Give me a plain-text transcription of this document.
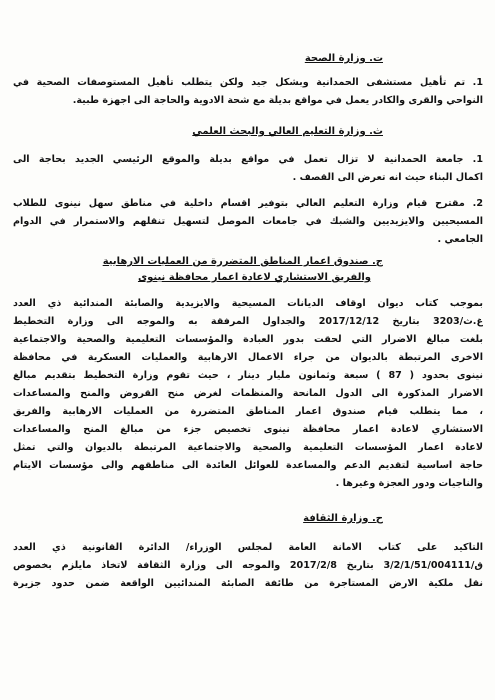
ت. وزارة الصحة
1. تم تأهيل مستشفى الحمدانية وبشكل جيد ولكن يتطلب تأهيل المستوصفات الصحية في
النواحي والقرى والكادر يعمل في مواقع بديلة مع شحة الادوية والحاجة الى اجهزة طبية.
ث. وزارة التعليم العالي والبحث العلمي
1. جامعة الحمدانية لا تزال تعمل في مواقع بديلة والموقع الرئيسي الجديد بحاجة الى
اكمال البناء حيث انه تعرض الى القصف .
2. مقترح قيام وزارة التعليم العالي بتوفير اقسام داخلية في مناطق سهل نينوى للطلاب
المسيحيين والايزيديين والشبك في جامعات الموصل لتسهيل تنقلهم والاستمرار في الدوام
الجامعي .
ج. صندوق اعمار المناطق المتضررة من العمليات الارهابية
والفريق الاستشاري لاعادة اعمار محافظة نينوى
بموجب كتاب ديوان اوقاف الديانات المسيحية والايزيدية والصابئة المندائية ذي العدد
غ.ث/3203 بتاريخ 2017/12/12 والجداول المرفقة به والموجه الى وزارة التخطيط
بلغت مبالغ الاضرار التي لحقت بدور العبادة والمؤسسات التعليمية والصحية والاجتماعية
الاخرى المرتبطة بالديوان من جراء الاعمال الارهابية والعمليات العسكرية في محافظة
نينوى بحدود ( 87 ) سبعة وثمانون مليار دينار ، حيث تقوم وزارة التخطيط بتقديم مبالغ
الاضرار المذكورة الى الدول المانحة والمنظمات لغرض منح القروض والمنح والمساعدات
، مما يتطلب قيام صندوق اعمار المناطق المتضررة من العمليات الارهابية والفريق
الاستشاري لاعادة اعمار محافظة نينوى تخصيص جزء من مبالغ المنح والمساعدات
لاعادة اعمار المؤسسات التعليمية والصحية والاجتماعية المرتبطة بالديوان والتي تمثل
حاجة اساسية لتقديم الدعم والمساعدة للعوائل العائدة الى مناطقهم والى مؤسسات الايتام
والناجيات ودور العجزة وغيرها .
ح. وزارة الثقافة
التاكيد على كتاب الامانة العامة لمجلس الوزراء/ الدائرة القانونية ذي العدد
ق/3/2/1/51/004111 بتاريخ 2017/2/8 والموجه الى وزارة الثقافة لاتخاذ مايلزم بخصوص
نقل ملكية الارض المستاجرة من طائفة الصابئة المندائيين الواقعة ضمن حدود جزيرة
